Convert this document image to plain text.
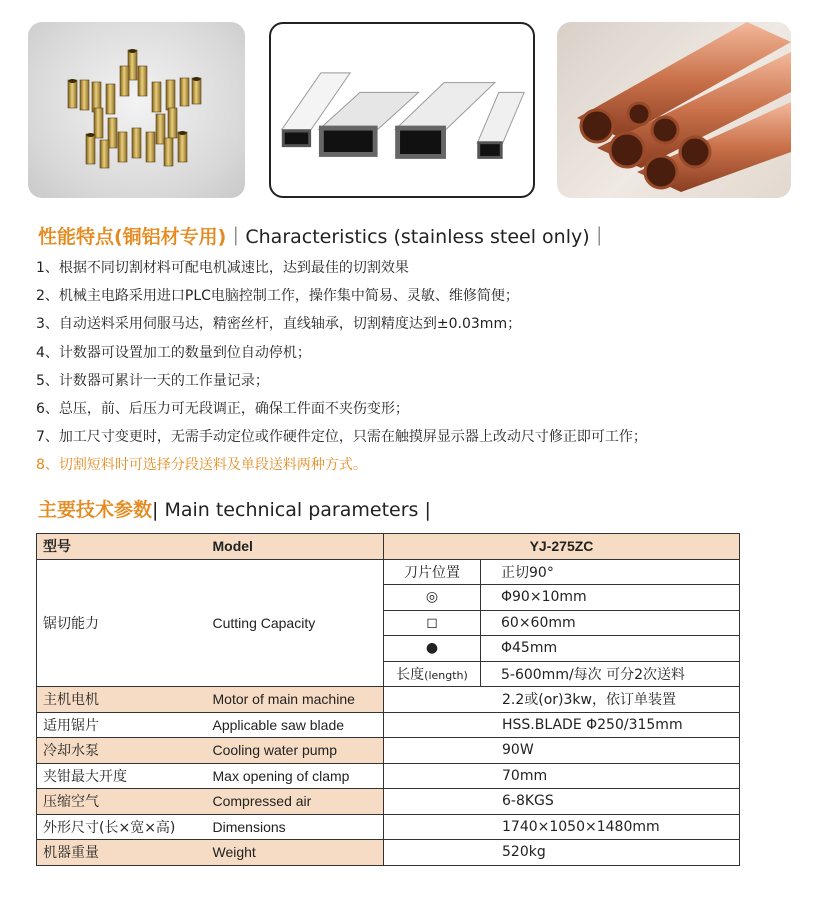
性能特点(铜铝材专用)｜Characteristics (stainless steel only)｜
1、根据不同切割材料可配电机减速比，达到最佳的切割效果
2、机械主电路采用进口PLC电脑控制工作，操作集中简易、灵敏、维修简便；
3、自动送料采用伺服马达，精密丝杆，直线轴承，切割精度达到±0.03mm；
4、计数器可设置加工的数量到位自动停机；
5、计数器可累计一天的工作量记录；
6、总压，前、后压力可无段调正，确保工件面不夹伤变形；
7、加工尺寸变更时，无需手动定位或作硬件定位，只需在触摸屏显示器上改动尺寸修正即可工作；
8、切割短料时可选择分段送料及单段送料两种方式。
主要技术参数| Main technical parameters |
型号	Model	YJ-275ZC	
锯切能力	Cutting Capacity	刀片位置	正切90°
		◎	Φ90×10mm
		◻	60×60mm
		●	Φ45mm
		长度(length)	5-600mm/每次 可分2次送料
主机电机	Motor of main machine	2.2或(or)3kw，依订单装置	
适用锯片	Applicable saw blade	HSS.BLADE Φ250/315mm	
冷却水泵	Cooling water pump	90W	
夹钳最大开度	Max opening of clamp	70mm	
压缩空气	Compressed air	6-8KGS	
外形尺寸(长×宽×高)	Dimensions	1740×1050×1480mm	
机器重量	Weight	520kg	
